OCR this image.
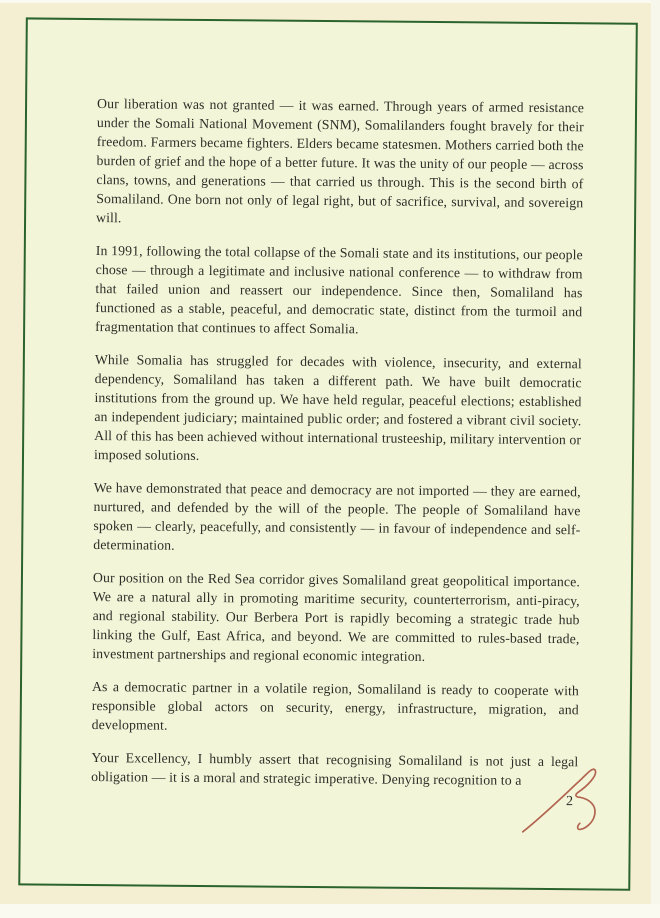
Our liberation was not granted — it was earned. Through years of armed resistance under the Somali National Movement (SNM), Somalilanders fought bravely for their freedom. Farmers became fighters. Elders became statesmen. Mothers carried both the burden of grief and the hope of a better future. It was the unity of our people — across clans, towns, and generations — that carried us through. This is the second birth of Somaliland. One born not only of legal right, but of sacrifice, survival, and sovereign will.

In 1991, following the total collapse of the Somali state and its institutions, our people chose — through a legitimate and inclusive national conference — to withdraw from that failed union and reassert our independence. Since then, Somaliland has functioned as a stable, peaceful, and democratic state, distinct from the turmoil and fragmentation that continues to affect Somalia.

While Somalia has struggled for decades with violence, insecurity, and external dependency, Somaliland has taken a different path. We have built democratic institutions from the ground up. We have held regular, peaceful elections; established an independent judiciary; maintained public order; and fostered a vibrant civil society. All of this has been achieved without international trusteeship, military intervention or imposed solutions.

We have demonstrated that peace and democracy are not imported — they are earned, nurtured, and defended by the will of the people. The people of Somaliland have spoken — clearly, peacefully, and consistently — in favour of independence and self-determination.

Our position on the Red Sea corridor gives Somaliland great geopolitical importance. We are a natural ally in promoting maritime security, counterterrorism, anti-piracy, and regional stability. Our Berbera Port is rapidly becoming a strategic trade hub linking the Gulf, East Africa, and beyond. We are committed to rules-based trade, investment partnerships and regional economic integration.

As a democratic partner in a volatile region, Somaliland is ready to cooperate with responsible global actors on security, energy, infrastructure, migration, and development.

Your Excellency, I humbly assert that recognising Somaliland is not just a legal obligation — it is a moral and strategic imperative. Denying recognition to a

2
